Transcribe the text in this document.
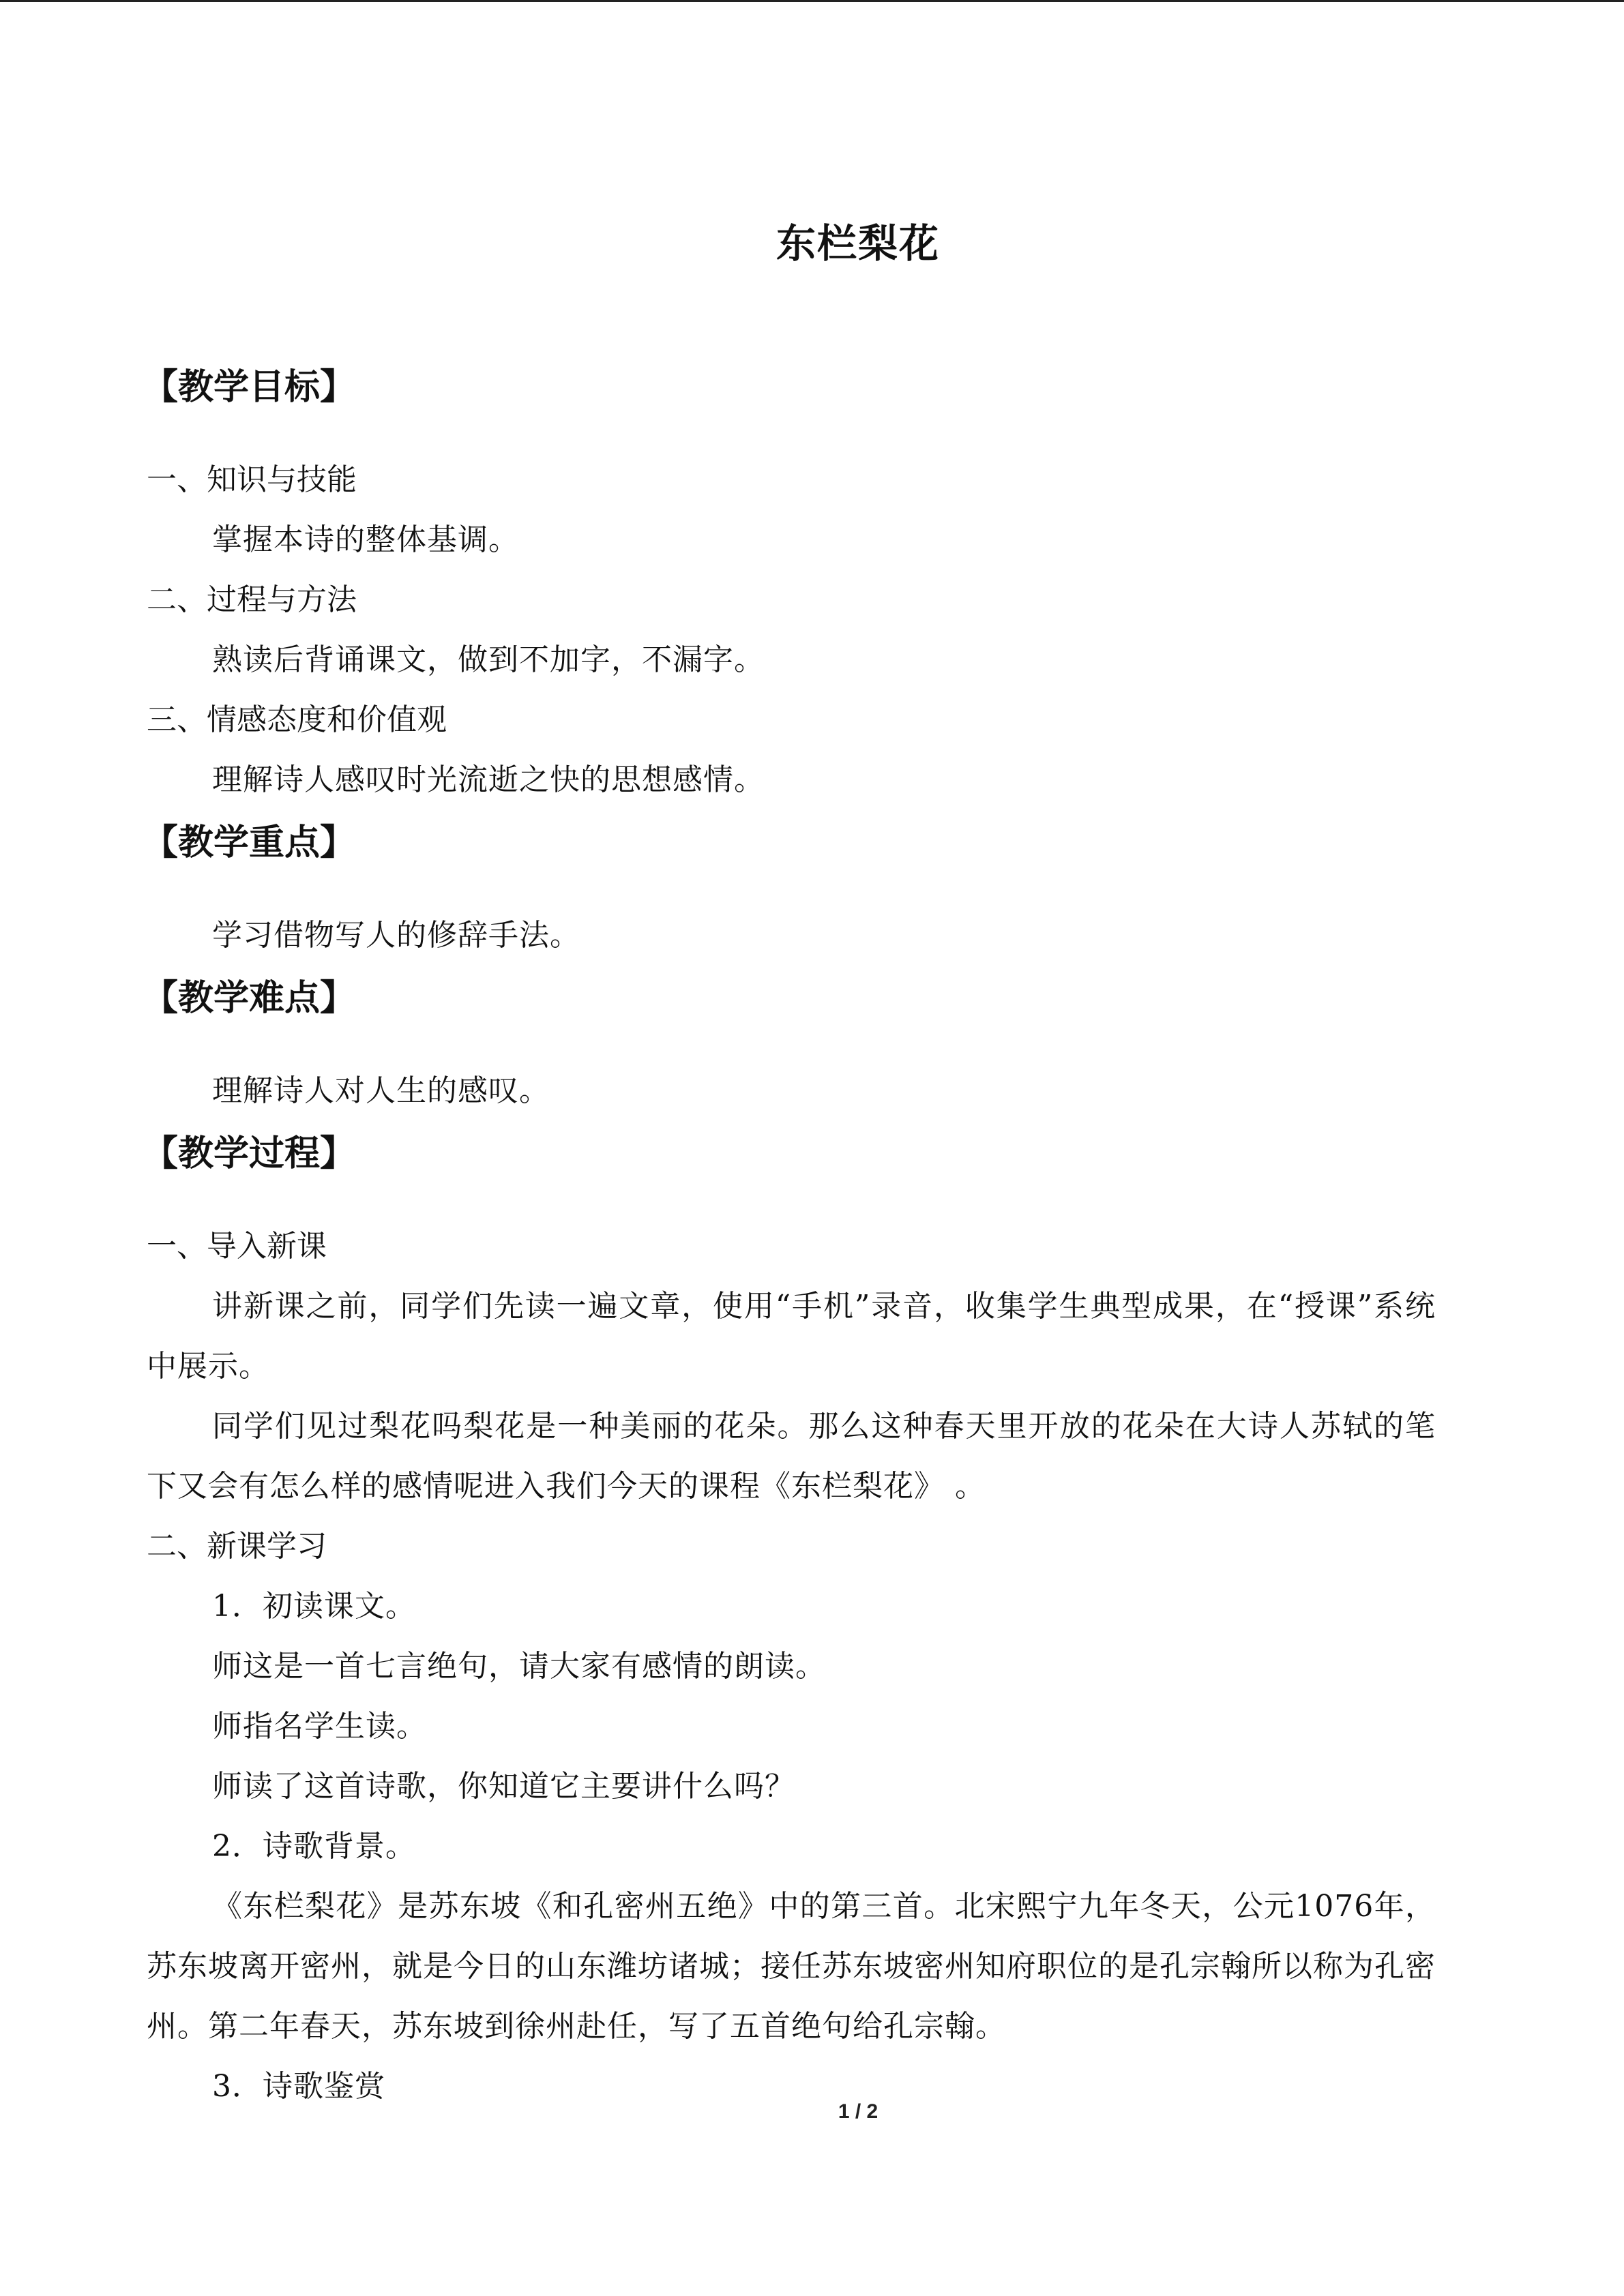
东栏梨花
【教学目标】
一、知识与技能
掌握本诗的整体基调。
二、过程与方法
熟读后背诵课文，做到不加字，不漏字。
三、情感态度和价值观
理解诗人感叹时光流逝之快的思想感情。
【教学重点】
学习借物写人的修辞手法。
【教学难点】
理解诗人对人生的感叹。
【教学过程】
一、导入新课
讲新课之前，同学们先读一遍文章，使用“手机”录音，收集学生典型成果，在“授课”系统中展示。
同学们见过梨花吗梨花是一种美丽的花朵。那么这种春天里开放的花朵在大诗人苏轼的笔下又会有怎么样的感情呢进入我们今天的课程《东栏梨花》 。
二、新课学习
1．初读课文。
师这是一首七言绝句，请大家有感情的朗读。
师指名学生读。
师读了这首诗歌，你知道它主要讲什么吗？
2．诗歌背景。
《东栏梨花》是苏东坡《和孔密州五绝》中的第三首。北宋熙宁九年冬天，公元1076年，苏东坡离开密州，就是今日的山东潍坊诸城；接任苏东坡密州知府职位的是孔宗翰所以称为孔密州。第二年春天，苏东坡到徐州赴任，写了五首绝句给孔宗翰。
3．诗歌鉴赏
1 / 2
